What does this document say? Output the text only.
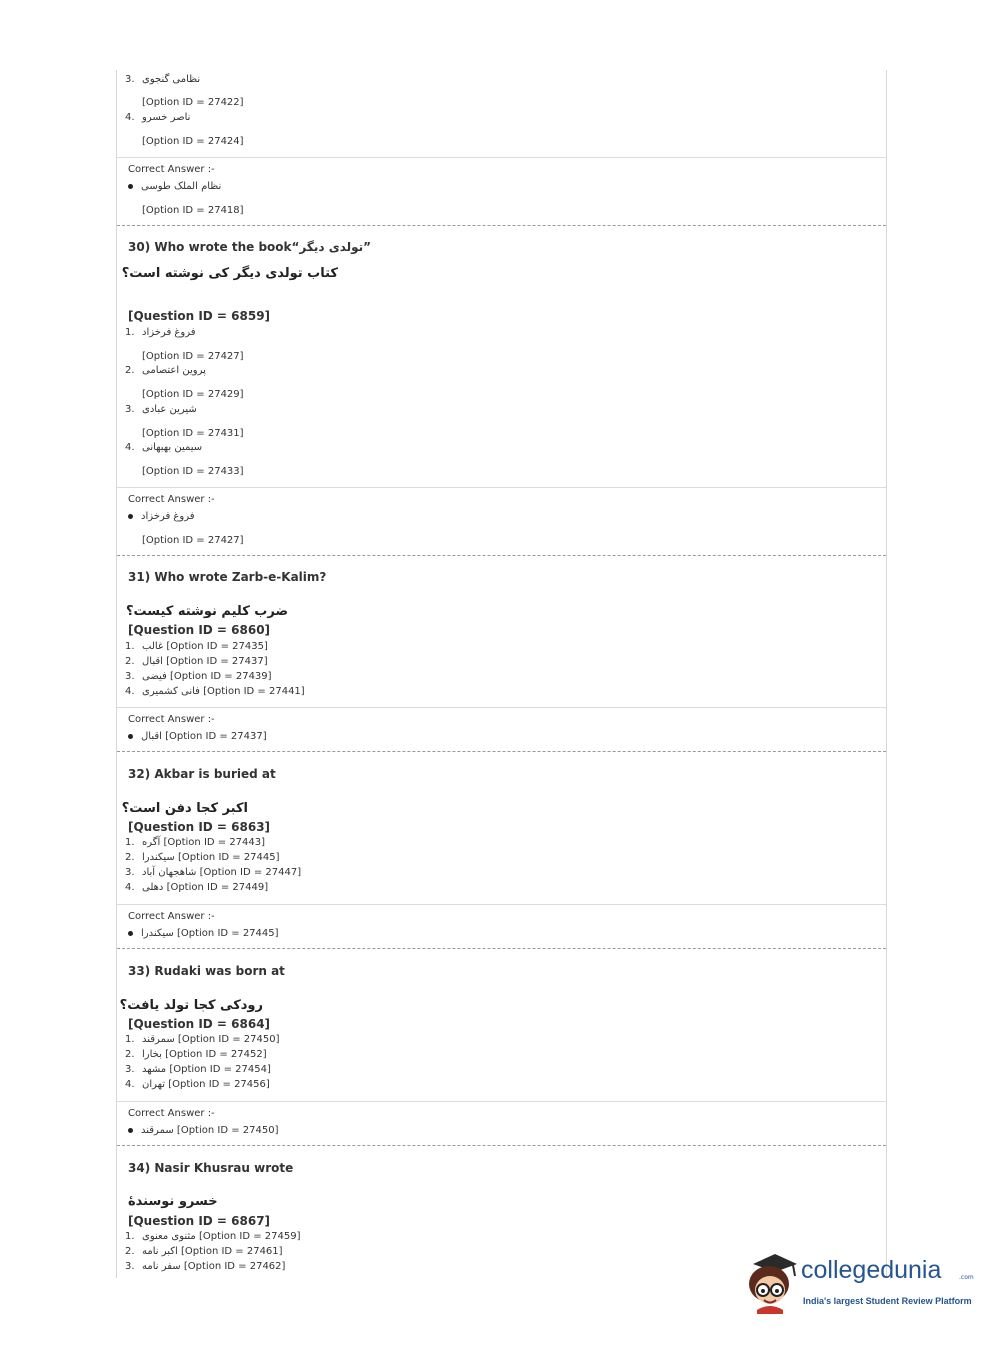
3. نظامی گنجوی
[Option ID = 27422]
4. ناصر خسرو
[Option ID = 27424]
Correct Answer :-
نظام الملک طوسی
[Option ID = 27418]
30) Who wrote the book“تولدی دیگر”
کتاب تولدی دیگر کی نوشته است؟
[Question ID = 6859]
1. فروغ فرخزاد
[Option ID = 27427]
2. پروین اعتصامی
[Option ID = 27429]
3. شیرین عبادی
[Option ID = 27431]
4. سیمین بهبهانی
[Option ID = 27433]
Correct Answer :-
فروغ فرخزاد
[Option ID = 27427]
31) Who wrote Zarb-e-Kalim?
ضرب کلیم نوشته کیست؟
[Question ID = 6860]
1. غالب [Option ID = 27435]
2. اقبال [Option ID = 27437]
3. فیضی [Option ID = 27439]
4. فانی کشمیری [Option ID = 27441]
Correct Answer :-
اقبال [Option ID = 27437]
32) Akbar is buried at
اکبر کجا دفن است؟
[Question ID = 6863]
1. آگره [Option ID = 27443]
2. سیکندرا [Option ID = 27445]
3. شاهجهان آباد [Option ID = 27447]
4. دهلی [Option ID = 27449]
Correct Answer :-
سیکندرا [Option ID = 27445]
33) Rudaki was born at
رودکی کجا تولد یافت؟
[Question ID = 6864]
1. سمرقند [Option ID = 27450]
2. بخارا [Option ID = 27452]
3. مشهد [Option ID = 27454]
4. تهران [Option ID = 27456]
Correct Answer :-
سمرقند [Option ID = 27450]
34) Nasir Khusrau wrote
خسرو نوسندهٔ
[Question ID = 6867]
1. مثنوی معنوی [Option ID = 27459]
2. اکبر نامه [Option ID = 27461]
3. سفر نامه [Option ID = 27462]	collegedunia	.com
India's largest Student Review Platform
